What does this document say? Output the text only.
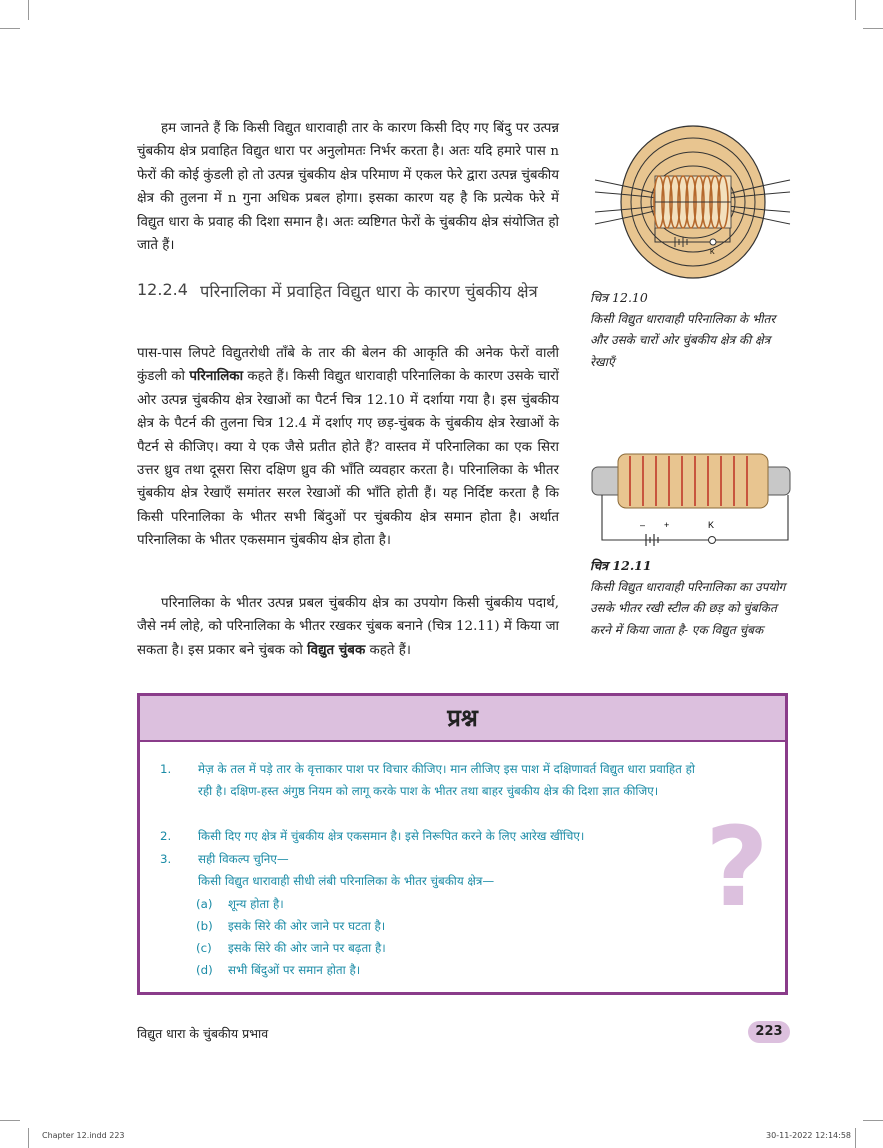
हम जानते हैं कि किसी विद्युत धारावाही तार के कारण किसी दिए गए बिंदु पर उत्पन्न चुंबकीय क्षेत्र प्रवाहित विद्युत धारा पर अनुलोमतः निर्भर करता है। अतः यदि हमारे पास n फेरों की कोई कुंडली हो तो उत्पन्न चुंबकीय क्षेत्र परिमाण में एकल फेरे द्वारा उत्पन्न चुंबकीय क्षेत्र की तुलना में n गुना अधिक प्रबल होगा। इसका कारण यह है कि प्रत्येक फेरे में विद्युत धारा के प्रवाह की दिशा समान है। अतः व्यष्टिगत फेरों के चुंबकीय क्षेत्र संयोजित हो जाते हैं।

12.2.4 परिनालिका में प्रवाहित विद्युत धारा के कारण चुंबकीय क्षेत्र

पास-पास लिपटे विद्युतरोधी ताँबे के तार की बेलन की आकृति की अनेक फेरों वाली कुंडली को परिनालिका कहते हैं। किसी विद्युत धारावाही परिनालिका के कारण उसके चारों ओर उत्पन्न चुंबकीय क्षेत्र रेखाओं का पैटर्न चित्र 12.10 में दर्शाया गया है। इस चुंबकीय क्षेत्र के पैटर्न की तुलना चित्र 12.4 में दर्शाए गए छड़-चुंबक के चुंबकीय क्षेत्र रेखाओं के पैटर्न से कीजिए। क्या ये एक जैसे प्रतीत होते हैं? वास्तव में परिनालिका का एक सिरा उत्तर ध्रुव तथा दूसरा सिरा दक्षिण ध्रुव की भाँति व्यवहार करता है। परिनालिका के भीतर चुंबकीय क्षेत्र रेखाएँ समांतर सरल रेखाओं की भाँति होती हैं। यह निर्दिष्ट करता है कि किसी परिनालिका के भीतर सभी बिंदुओं पर चुंबकीय क्षेत्र समान होता है। अर्थात परिनालिका के भीतर एकसमान चुंबकीय क्षेत्र होता है।

परिनालिका के भीतर उत्पन्न प्रबल चुंबकीय क्षेत्र का उपयोग किसी चुंबकीय पदार्थ, जैसे नर्म लोहे, को परिनालिका के भीतर रखकर चुंबक बनाने (चित्र 12.11) में किया जा सकता है। इस प्रकार बने चुंबक को विद्युत चुंबक कहते हैं।

K

चित्र 12.10
किसी विद्युत धारावाही परिनालिका के भीतर और उसके चारों ओर चुंबकीय क्षेत्र की क्षेत्र रेखाएँ

– +	K

चित्र 12.11
किसी विद्युत धारावाही परिनालिका का उपयोग उसके भीतर रखी स्टील की छड़ को चुंबकित करने में किया जाता है- एक विद्युत चुंबक

प्रश्न
?
1.	मेज़ के तल में पड़े तार के वृत्ताकार पाश पर विचार कीजिए। मान लीजिए इस पाश में दक्षिणावर्त विद्युत धारा प्रवाहित हो रही है। दक्षिण-हस्त अंगुष्ठ नियम को लागू करके पाश के भीतर तथा बाहर चुंबकीय क्षेत्र की दिशा ज्ञात कीजिए।
2.	किसी दिए गए क्षेत्र में चुंबकीय क्षेत्र एकसमान है। इसे निरूपित करने के लिए आरेख खींचिए।
3.	सही विकल्प चुनिए—
किसी विद्युत धारावाही सीधी लंबी परिनालिका के भीतर चुंबकीय क्षेत्र—
(a)	शून्य होता है।
(b)	इसके सिरे की ओर जाने पर घटता है।
(c)	इसके सिरे की ओर जाने पर बढ़ता है।
(d)	सभी बिंदुओं पर समान होता है।

विद्युत धारा के चुंबकीय प्रभाव	223

Chapter 12.indd 223	30-11-2022 12:14:58
